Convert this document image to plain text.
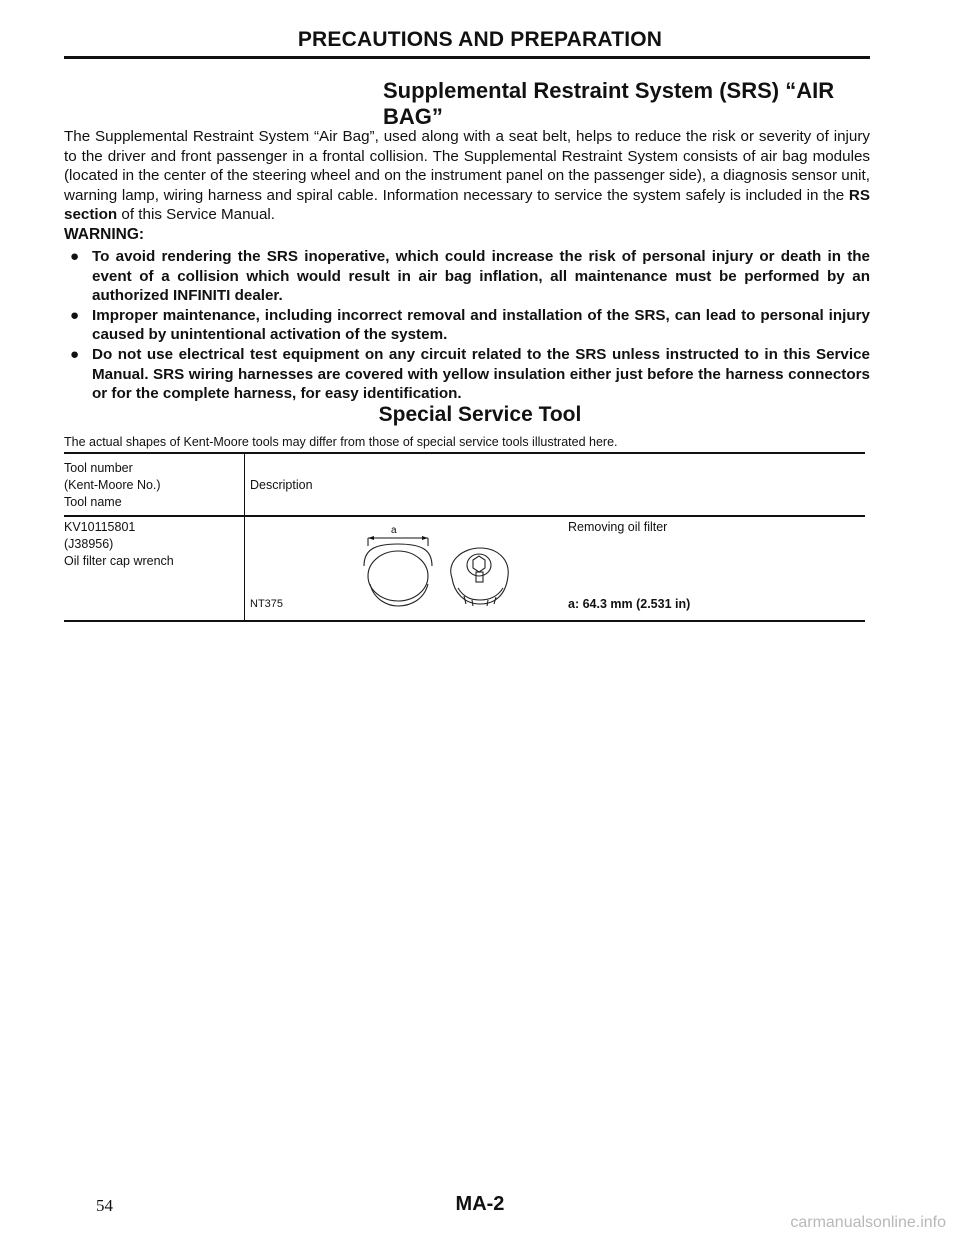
PRECAUTIONS AND PREPARATION
Supplemental Restraint System (SRS) “AIR BAG”
The Supplemental Restraint System “Air Bag”, used along with a seat belt, helps to reduce the risk or severity of injury to the driver and front passenger in a frontal collision. The Supplemental Restraint System consists of air bag modules (located in the center of the steering wheel and on the instrument panel on the passenger side), a diagnosis sensor unit, warning lamp, wiring harness and spiral cable. Information necessary to service the system safely is included in the RS section of this Service Manual.
WARNING:
● To avoid rendering the SRS inoperative, which could increase the risk of personal injury or death in the event of a collision which would result in air bag inflation, all maintenance must be performed by an authorized INFINITI dealer.
● Improper maintenance, including incorrect removal and installation of the SRS, can lead to personal injury caused by unintentional activation of the system.
● Do not use electrical test equipment on any circuit related to the SRS unless instructed to in this Service Manual. SRS wiring harnesses are covered with yellow insulation either just before the harness connectors or for the complete harness, for easy identification.
Special Service Tool
The actual shapes of Kent-Moore tools may differ from those of special service tools illustrated here.
Tool number
(Kent-Moore No.)
Tool name
Description
KV10115801
(J38956)
Oil filter cap wrench
NT375
Removing oil filter
a: 64.3 mm (2.531 in)
a
54	MA-2
carmanualsonline.info
